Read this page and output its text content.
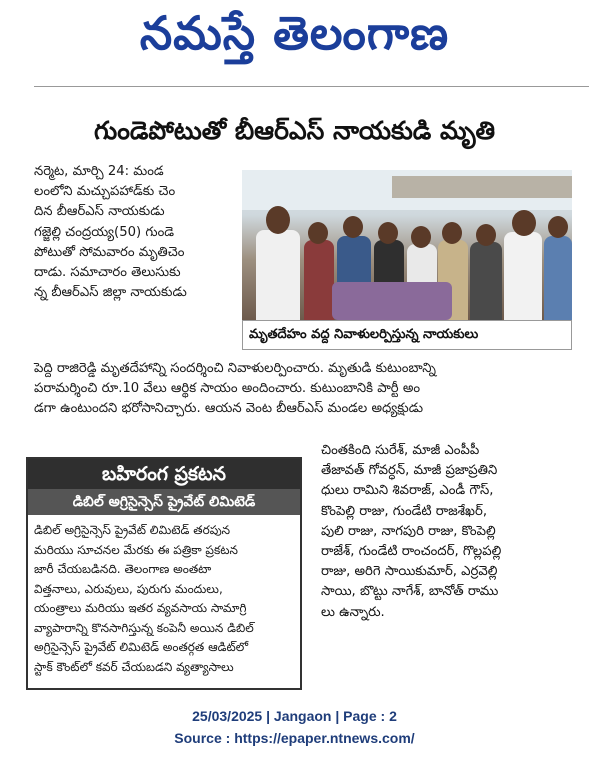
నమస్తే తెలంగాణ
గుండెపోటుతో బీఆర్ఎస్ నాయకుడి మృతి
నర్మెట, మార్చి 24: మండ
లంలోని మచ్చుపహాడ్‌కు చెం
దిన బీఆర్ఎస్ నాయకుడు
గజ్జెల్లి చంద్రయ్య(50) గుండె
పోటుతో సోమవారం మృతిచెం
దాడు. సమాచారం తెలుసుకు
న్న బీఆర్ఎస్ జిల్లా నాయకుడు
మృతదేహం వద్ద నివాళులర్పిస్తున్న నాయకులు
పెద్ది రాజిరెడ్డి మృతదేహాన్ని సందర్శించి నివాళులర్పించారు. మృతుడి కుటుంబాన్ని
పరామర్శించి రూ.10 వేలు ఆర్థిక సాయం అందించారు. కుటుంబానికి పార్టీ అం
డగా ఉంటుందని భరోసానిచ్చారు. ఆయన వెంట బీఆర్ఎస్ మండల అధ్యక్షుడు
బహిరంగ ప్రకటన
డిబిల్ అగ్రిసైన్సెస్ ప్రైవేట్ లిమిటెడ్
డిబిల్ అగ్రిసైన్సెస్ ప్రైవేట్ లిమిటెడ్ తరపున
మరియు సూచనల మేరకు ఈ పత్రికా ప్రకటన
జారీ చేయబడినది. తెలంగాణ అంతటా
విత్తనాలు, ఎరువులు, పురుగు మందులు,
యంత్రాలు మరియు ఇతర వ్యవసాయ సామాగ్రి
వ్యాపారాన్ని కొనసాగిస్తున్న కంపెనీ అయిన డిబిల్
అగ్రిసైన్సెస్ ప్రైవేట్ లిమిటెడ్ అంతర్గత ఆడిట్‌లో
స్టాక్ కౌంట్‌లో కవర్ చేయబడని వ్యత్యాసాలు
చింతకింది సురేశ్, మాజీ ఎంపీపీ
తేజావత్ గోవర్ధన్, మాజీ ప్రజాప్రతిని
ధులు రామిని శివరాజ్, ఎండీ గౌస్,
కొంపెల్లి రాజు, గుండేటి రాజశేఖర్,
పులి రాజు, నాగపురి రాజు, కొంపెల్లి
రాజేశ్, గుండేటి రాంచందర్, గొల్లపల్లి
రాజు, అరిగె సాయికుమార్, ఎర్రవెల్లి
సాయి, బొట్టు నాగేశ్, బానోత్ రాము
లు ఉన్నారు.
25/03/2025 | Jangaon | Page : 2
Source : https://epaper.ntnews.com/
